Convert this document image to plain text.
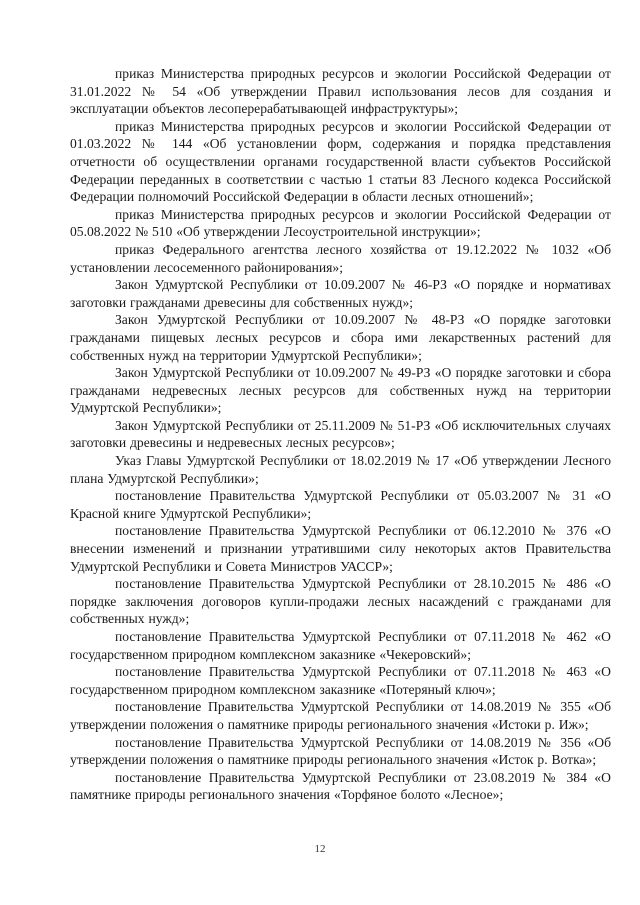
приказ Министерства природных ресурсов и экологии Российской Федерации от 31.01.2022 № 54 «Об утверждении Правил использования лесов для создания и эксплуатации объектов лесоперерабатывающей инфраструктуры»;

приказ Министерства природных ресурсов и экологии Российской Федерации от 01.03.2022 № 144 «Об установлении форм, содержания и порядка представления отчетности об осуществлении органами государственной власти субъектов Российской Федерации переданных в соответствии с частью 1 статьи 83 Лесного кодекса Российской Федерации полномочий Российской Федерации в области лесных отношений»;

приказ Министерства природных ресурсов и экологии Российской Федерации от 05.08.2022 № 510 «Об утверждении Лесоустроительной инструкции»;

приказ Федерального агентства лесного хозяйства от 19.12.2022 № 1032 «Об установлении лесосеменного районирования»;

Закон Удмуртской Республики от 10.09.2007 № 46-РЗ «О порядке и нормативах заготовки гражданами древесины для собственных нужд»;

Закон Удмуртской Республики от 10.09.2007 № 48-РЗ «О порядке заготовки гражданами пищевых лесных ресурсов и сбора ими лекарственных растений для собственных нужд на территории Удмуртской Республики»;

Закон Удмуртской Республики от 10.09.2007 № 49-РЗ «О порядке заготовки и сбора гражданами недревесных лесных ресурсов для собственных нужд на территории Удмуртской Республики»;

Закон Удмуртской Республики от 25.11.2009 № 51-РЗ «Об исключительных случаях заготовки древесины и недревесных лесных ресурсов»;

Указ Главы Удмуртской Республики от 18.02.2019 № 17 «Об утверждении Лесного плана Удмуртской Республики»;

постановление Правительства Удмуртской Республики от 05.03.2007 № 31 «О Красной книге Удмуртской Республики»;

постановление Правительства Удмуртской Республики от 06.12.2010 № 376 «О внесении изменений и признании утратившими силу некоторых актов Правительства Удмуртской Республики и Совета Министров УАССР»;

постановление Правительства Удмуртской Республики от 28.10.2015 № 486 «О порядке заключения договоров купли-продажи лесных насаждений с гражданами для собственных нужд»;

постановление Правительства Удмуртской Республики от 07.11.2018 № 462 «О государственном природном комплексном заказнике «Чекеровский»;

постановление Правительства Удмуртской Республики от 07.11.2018 № 463 «О государственном природном комплексном заказнике «Потеряный ключ»;

постановление Правительства Удмуртской Республики от 14.08.2019 № 355 «Об утверждении положения о памятнике природы регионального значения «Истоки р. Иж»;

постановление Правительства Удмуртской Республики от 14.08.2019 № 356 «Об утверждении положения о памятнике природы регионального значения «Исток р. Вотка»;

постановление Правительства Удмуртской Республики от 23.08.2019 № 384 «О памятнике природы регионального значения «Торфяное болото «Лесное»;

12
